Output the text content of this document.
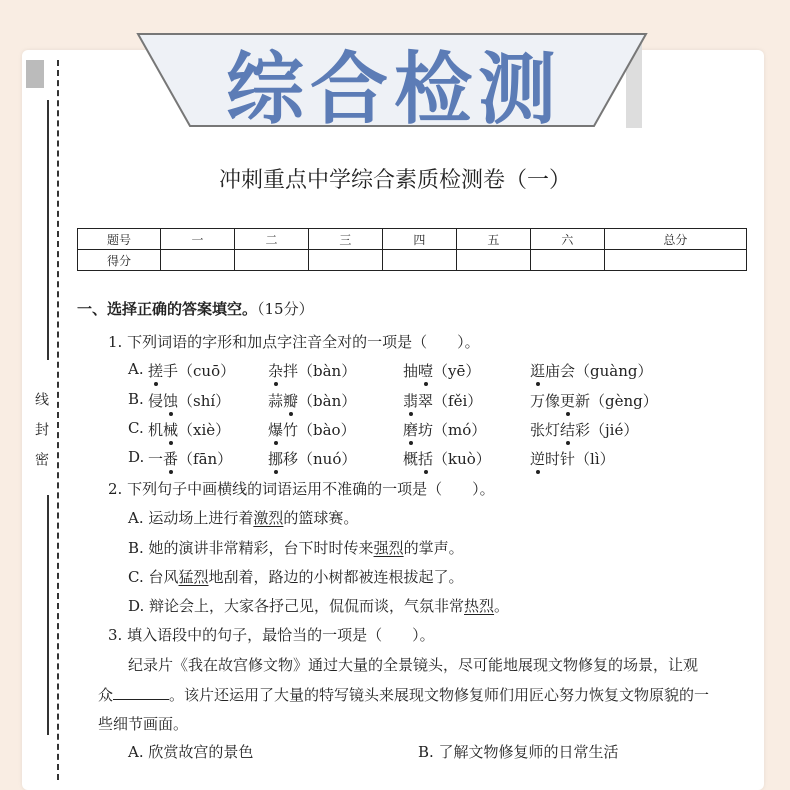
线
封
密
综合检测
冲刺重点中学综合素质检测卷（一）
题号	一	二	三	四	五	六	总分
得分							
一、选择正确的答案填空。（15分）
1. 下列词语的字形和加点字注音全对的一项是（　　）。
A. 搓手（cuō） 杂拌（bàn）	抽噎（yē）	逛庙会（guàng）
B. 侵蚀（shí）	蒜瓣（bàn）	翡翠（fěi）	万像更新（gèng）
C. 机械（xiè）	爆竹（bào）	磨坊（mó）	张灯结彩（jié）
D. 一番（fān） 挪移（nuó）	概括（kuò）	逆时针（lì）
2. 下列句子中画横线的词语运用不准确的一项是（　　）。
A. 运动场上进行着激烈的篮球赛。
B. 她的演讲非常精彩，台下时时传来强烈的掌声。
C. 台风猛烈地刮着，路边的小树都被连根拔起了。
D. 辩论会上，大家各抒己见，侃侃而谈，气氛非常热烈。
3. 填入语段中的句子，最恰当的一项是（　　）。
纪录片《我在故宫修文物》通过大量的全景镜头，尽可能地展现文物修复的场景，让观
众	。该片还运用了大量的特写镜头来展现文物修复师们用匠心努力恢复文物原貌的一
些细节画面。
A. 欣赏故宫的景色	B. 了解文物修复师的日常生活
